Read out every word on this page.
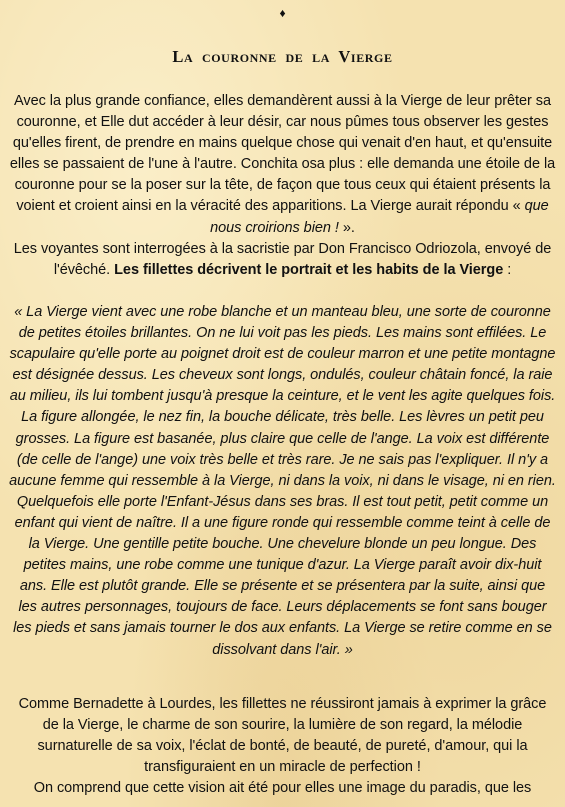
♦
La couronne de la Vierge
Avec la plus grande confiance, elles demandèrent aussi à la Vierge de leur prêter sa couronne, et Elle dut accéder à leur désir, car nous pûmes tous observer les gestes qu'elles firent, de prendre en mains quelque chose qui venait d'en haut, et qu'ensuite elles se passaient de l'une à l'autre. Conchita osa plus : elle demanda une étoile de la couronne pour se la poser sur la tête, de façon que tous ceux qui étaient présents la voient et croient ainsi en la véracité des apparitions. La Vierge aurait répondu « que nous croirions bien ! ».
Les voyantes sont interrogées à la sacristie par Don Francisco Odriozola, envoyé de l'évêché. Les fillettes décrivent le portrait et les habits de la Vierge :
« La Vierge vient avec une robe blanche et un manteau bleu, une sorte de couronne de petites étoiles brillantes. On ne lui voit pas les pieds. Les mains sont effilées. Le scapulaire qu'elle porte au poignet droit est de couleur marron et une petite montagne est désignée dessus. Les cheveux sont longs, ondulés, couleur châtain foncé, la raie au milieu, ils lui tombent jusqu'à presque la ceinture, et le vent les agite quelques fois. La figure allongée, le nez fin, la bouche délicate, très belle. Les lèvres un petit peu grosses. La figure est basanée, plus claire que celle de l'ange. La voix est différente (de celle de l'ange) une voix très belle et très rare. Je ne sais pas l'expliquer. Il n'y a aucune femme qui ressemble à la Vierge, ni dans la voix, ni dans le visage, ni en rien. Quelquefois elle porte l'Enfant-Jésus dans ses bras. Il est tout petit, petit comme un enfant qui vient de naître. Il a une figure ronde qui ressemble comme teint à celle de la Vierge. Une gentille petite bouche. Une chevelure blonde un peu longue. Des petites mains, une robe comme une tunique d'azur. La Vierge paraît avoir dix-huit ans. Elle est plutôt grande. Elle se présente et se présentera par la suite, ainsi que les autres personnages, toujours de face. Leurs déplacements se font sans bouger les pieds et sans jamais tourner le dos aux enfants. La Vierge se retire comme en se dissolvant dans l'air. »
Comme Bernadette à Lourdes, les fillettes ne réussiront jamais à exprimer la grâce de la Vierge, le charme de son sourire, la lumière de son regard, la mélodie surnaturelle de sa voix, l'éclat de bonté, de beauté, de pureté, d'amour, qui la transfiguraient en un miracle de perfection !
On comprend que cette vision ait été pour elles une image du paradis, que les
